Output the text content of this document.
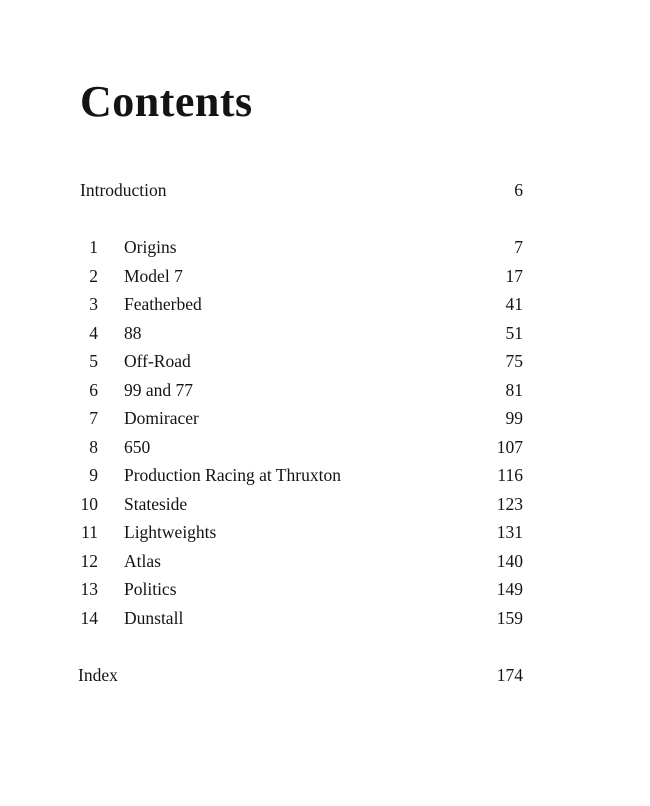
Contents
Introduction	6
1 Origins	7
2 Model 7	17
3 Featherbed	41
4 88	51
5 Off-Road	75
6 99 and 77	81
7 Domiracer	99
8 650	107
9 Production Racing at Thruxton	116
10 Stateside	123
11 Lightweights	131
12 Atlas	140
13 Politics	149
14 Dunstall	159
Index	174
